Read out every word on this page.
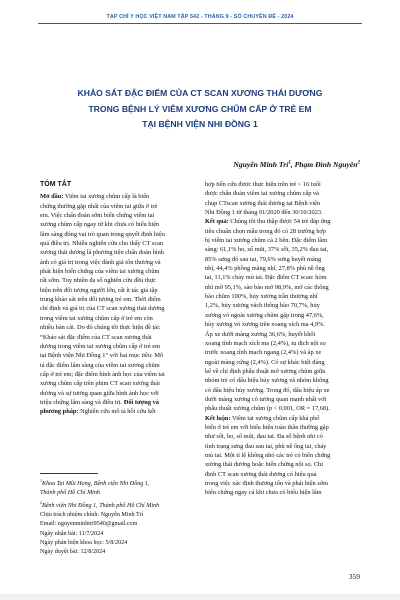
TẠP CHÍ Y HỌC VIỆT NAM TẬP 542 - THÁNG 9 - SỐ CHUYÊN ĐỀ - 2024
KHẢO SÁT ĐẶC ĐIỂM CỦA CT SCAN XƯƠNG THÁI DƯƠNG
TRONG BỆNH LÝ VIÊM XƯƠNG CHŨM CẤP Ở TRẺ EM
TẠI BỆNH VIỆN NHI ĐỒNG 1
Nguyễn Minh Trí$^1$, Phạm Đình Nguyên$^2$
TÓM TẮT
Mở đầu: Viêm tai xương chũm cấp là biến
chứng thường gặp nhất của viêm tai giữa ở trẻ
em. Việc chẩn đoán sớm biến chứng viêm tai
xương chũm cấp ngay từ khi chưa có biểu hiện
lâm sàng đóng vai trò quan trọng quyết định hiệu
quả điều trị. Nhiều nghiên cứu cho thấy CT scan
xương thái dương là phương tiện chẩn đoán hình
ảnh có giá trị trong việc đánh giá tổn thương và
phát hiện biến chứng của viêm tai xương chũm
rất sớm. Tuy nhiên đa số nghiên cứu đều thực
hiện trên đối tượng người lớn, rất ít tác giả tập
trung khảo sát trên đối tượng trẻ em. Thời điểm
chỉ định và giá trị của CT scan xương thái dương
trong viêm tai xương chũm cấp ở trẻ em còn
nhiều bàn cãi. Do đó chúng tôi thực hiện đề tài:
“Khảo sát đặc điểm của CT scan xương thái
dương trong viêm tai xương chũm cấp ở trẻ em
tại Bệnh viện Nhi Đồng 1” với hai mục tiêu: Mô
tả đặc điểm lâm sàng của viêm tai xương chũm
cấp ở trẻ em; đặc điểm hình ảnh học của viêm tai
xương chũm cấp trên phim CT scan xương thái
dương và sự tương quan giữa hình ảnh học với
triệu chứng lâm sàng và điều trị. Đối tượng và
phương pháp: Nghiên cứu mô tả hồi cứu kết
hợp tiến cứu được thực hiện trên trẻ < 16 tuổi
được chẩn đoán viêm tai xương chũm cấp và
chụp CTscan xương thái dương tại Bệnh viện
Nhi Đồng 1 từ tháng 01/2020 đến 30/10/2023.
Kết quả: Chúng tôi thu thập được 54 trẻ đáp ứng
tiêu chuẩn chọn mẫu trong đó có 28 trường hợp
bị viêm tai xương chũm cả 2 bên. Đặc điểm lâm
sàng: 61,1% ho, sổ mũi, 37% sốt, 35,2% đau tai,
85% sưng đỏ sau tai, 79,6% sưng huyết màng
nhĩ, 44,4% phồng màng nhĩ, 27,8% phù nề ống
tai, 11,1% chảy mủ tai. Đặc điểm CT scan: hòm
nhĩ mờ 95,1%, sào bào mờ 98,9%, mờ các thông
bào chũm 100%, hủy xương trần thượng nhĩ
1,2%, hủy xương vách thông bào 70,7%, hủy
xương vỏ ngoài xương chũm gặp trong 47,6%,
hủy xương vỏ xương trên xoang xích ma 4,9%.
Áp xe dưới màng xương 36,6%, huyết khối
xoang tĩnh mạch xích ma (2,4%), tụ dịch nội sọ
trước xoang tĩnh mạch ngang (2,4%) và áp xe
ngoài màng cứng (2,4%). Có sự khác biệt đáng
kể về chỉ định phẫu thuật mở xương chũm giữa
nhóm trẻ có dấu hiệu hủy xương và nhóm không
có dấu hiệu hủy xương. Trong đó, dấu hiệu áp xe
dưới màng xương có tương quan mạnh nhất với
phẫu thuật xương chũm (p < 0,001, OR = 17,68).
Kết luận: Viêm tai xương chũm cấp khả phổ
biến ở trẻ em với biểu hiện toàn thân thường gặp
như sốt, ho, sổ mũi, đau tai. Đa số bệnh nhi có
tình trạng sưng đau sau tai, phù nề ống tai, chảy
mủ tai. Một tỉ lệ không nhỏ các trẻ có biến chứng
xương thái dương hoặc biến chứng nội sọ. Chỉ
định CT scan xương thái dương có hiệu quả
trong việc xác định thương tổn và phát hiện sớm
biến chứng ngay cả khi chưa có biểu hiện lâm
$^1$Khoa Tai Mũi Họng, Bệnh viện Nhi Đồng 1,
Thành phố Hồ Chí Minh
$^2$Bệnh viện Nhi Đồng 1, Thành phố Hồ Chí Minh
Chịu trách nhiệm chính: Nguyễn Minh Trí
Email: nguyenminhtri9540@gmail.com
Ngày nhận bài: 11/7/2024
Ngày phản biện khoa học: 5/8/2024
Ngày duyệt bài: 12/8/2024
359
